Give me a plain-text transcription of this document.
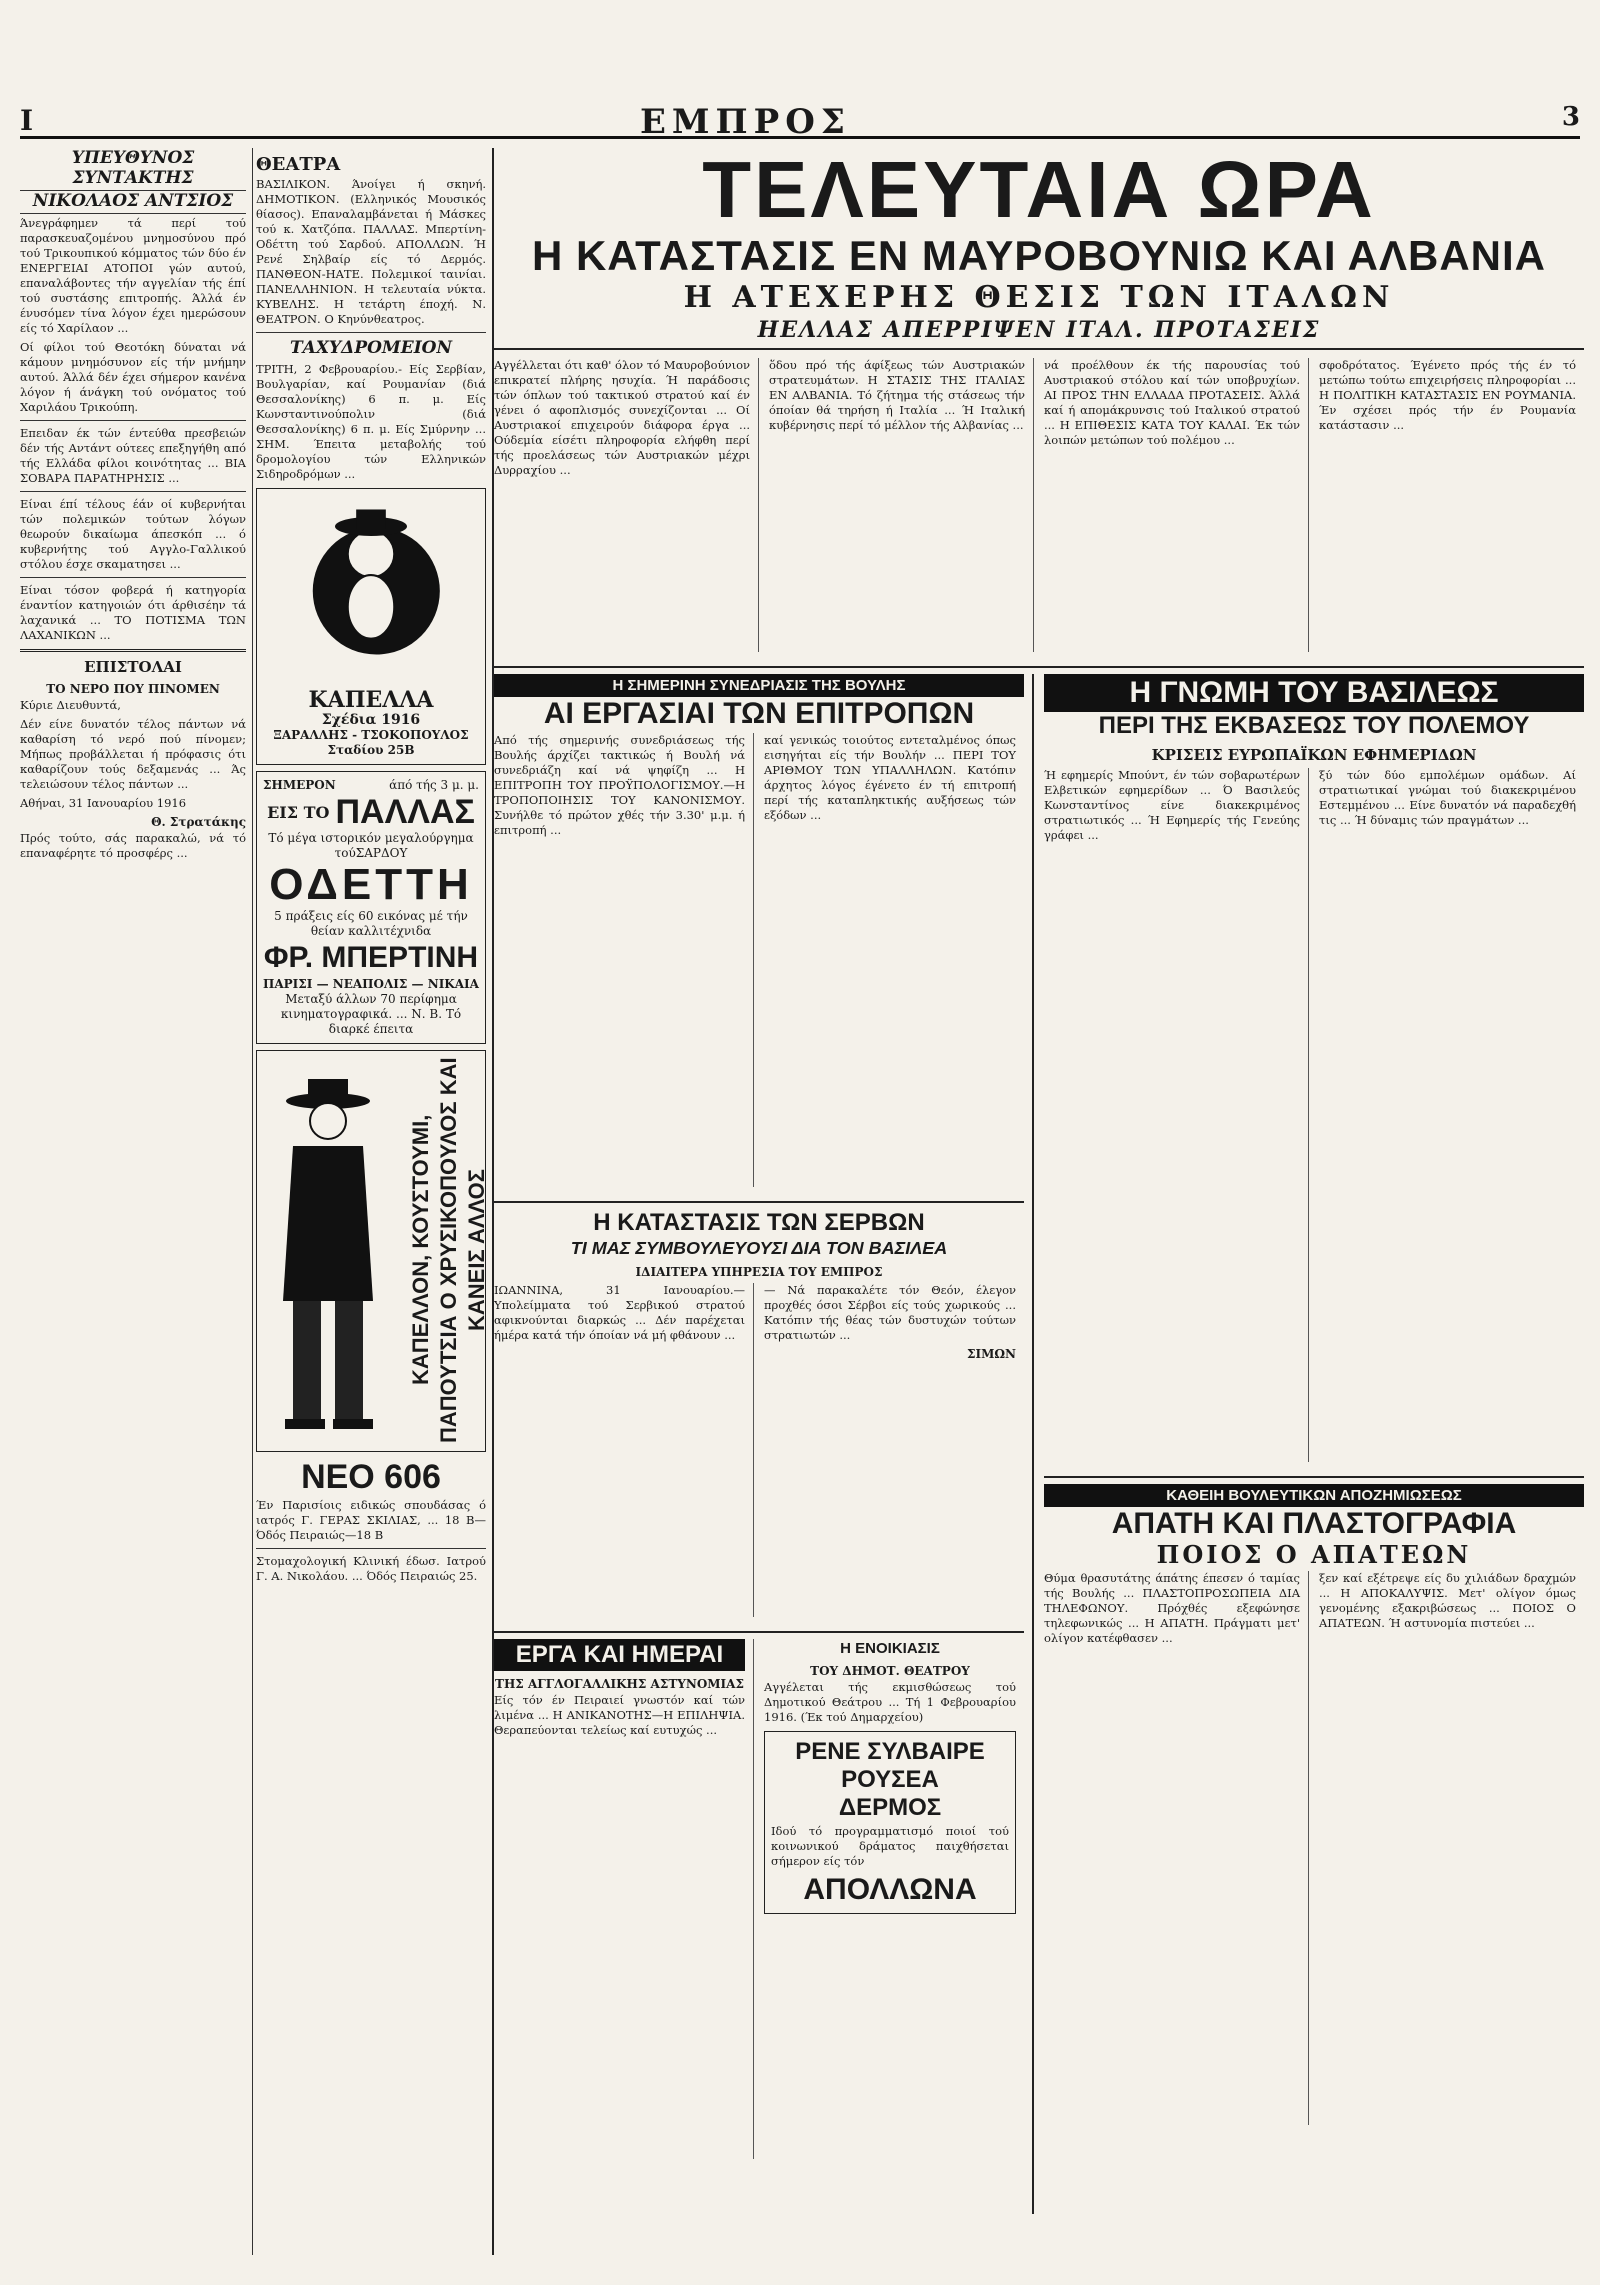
I	ΕΜΠΡΟΣ	3
ΥΠΕΥΘΥΝΟΣ ΣΥΝΤΑΚΤΗΣ
ΝΙΚΟΛΑΟΣ ΑΝΤΣΙΟΣ

Άνεγράφημεν τά περί τού παρασκευαζομένου μνημοσύνου πρό τού Τρικουπικού κόμματος τών δύο έν ΕΝΕΡΓΕΙΑΙ ΑΤΟΠΟΙ γών αυτού, επαναλάβοντες τήν αγγελίαν τής έπί τού συστάσης επιτροπής. Άλλά έν ένυσόμεν τίνα λόγον έχει ημερώσουν είς τό Χαρίλαον ...

Οί φίλοι τού Θεοτόκη δύναται νά κάμουν μνημόσυνον είς τήν μνήμην αυτού. Άλλά δέν έχει σήμερον κανένα λόγον ή άνάγκη τού ονόματος τού Χαριλάου Τρικούπη.

Επειδαν έκ τών έντεύθα πρεσβειών δέν τής Αντάντ ούτεες επεξηγήθη από τής Ελλάδα φίλοι κοινότητας ... ΒΙΑ ΣΟΒΑΡΑ ΠΑΡΑΤΗΡΗΣΙΣ ...

Είναι έπί τέλους έάν οί κυβερνήται τών πολεμικών τούτων λόγων θεωρούν δικαίωμα άπεσκόπ ... ό κυβερνήτης τού Αγγλο-Γαλλικού στόλου έσχε σκαματησει ...

Είναι τόσον φοβερά ή κατηγορία έναντίον κατηγοιών ότι άρθισέην τά λαχανικά ... ΤΟ ΠΟΤΙΣΜΑ ΤΩΝ ΛΑΧΑΝΙΚΩΝ ...

ΕΠΙΣΤΟΛΑΙ
ΤΟ ΝΕΡΟ ΠΟΥ ΠΙΝΟΜΕΝ

Κύριε Διευθυντά,

Δέν είνε δυνατόν τέλος πάντων νά καθαρίση τό νερό πού πίνομεν; Μήπως προβάλλεται ή πρόφασις ότι καθαρίζουν τούς δεξαμενάς ... Άς τελειώσουν τέλος πάντων ...

Αθήναι, 31 Ιανουαρίου 1916

Θ. Στρατάκης

Πρός τούτο, σάς παρακαλώ, νά τό επαναφέρητε τό προσφέρς ...

ΘΕΑΤΡΑ

ΒΑΣΙΛΙΚΟΝ. Άνοίγει ή σκηνή. ΔΗΜΟΤΙΚΟΝ. (Ελληνικός Μουσικός θίασος). Επαναλαμβάνεται ή Μάσκες τού κ. Χατζόπα. ΠΑΛΛΑΣ. Μπερτίνη-Οδέττη τού Σαρδού. ΑΠΟΛΛΩΝ. Ή Ρενέ Σηλβαίρ είς τό Δερμός. ΠΑΝΘΕΟΝ-ΗΑΤΕ. Πολεμικοί ταινίαι. ΠΑΝΕΛΛΗΝΙΟΝ. Η τελευταία νύκτα. ΚΥΒΕΛΗΣ. Η τετάρτη έποχή. Ν. ΘΕΑΤΡΟΝ. Ο Κηνύνθεατρος.

ΤΑΧΥΔΡΟΜΕΙΟΝ

ΤΡΙΤΗ, 2 Φεβρουαρίου.- Είς Σερβίαν, Βουλγαρίαν, καί Ρουμανίαν (διά Θεσσαλονίκης) 6 π. μ. Είς Κωνσταντινούπολιν (διά Θεσσαλονίκης) 6 π. μ. Είς Σμύρνην ... ΣΗΜ. Έπειτα μεταβολής τού δρομολογίου τών Ελληνικών Σιδηροδρόμων ...

ΚΑΠΕΛΛΑ
Σχέδια 1916
ΞΑΡΑΛΛΗΣ - ΤΣΟΚΟΠΟΥΛΟΣ
Σταδίου 25Β
ΣΗΜΕΡΟΝ	άπό τής 3 μ. μ.
ΕΙΣ ΤΟ ΠΑΛΛΑΣ
Τό μέγα ιστορικόν μεγαλούργημα τούΣΑΡΔΟΥ
ΟΔΕΤΤΗ
5 πράξεις είς 60 εικόνας μέ τήν θείαν καλλιτέχνιδα
ΦΡ. ΜΠΕΡΤΙΝΗ
ΠΑΡΙΣΙ — ΝΕΑΠΟΛΙΣ — ΝΙΚΑΙΑ
Μεταξύ άλλων 70 περίφημα κινηματογραφικά. ... Ν. Β. Τό διαρκέ έπειτα
ΚΑΠΕΛΛΟΝ, ΚΟΥΣΤΟΥΜΙ, ΠΑΠΟΥΤΣΙΑ Ο ΧΡΥΣΙΚΟΠΟΥΛΟΣ ΚΑΙ ΚΑΝΕΙΣ ΑΛΛΟΣ
ΝΕΟ 606

Έν Παρισίοις ειδικώς σπουδάσας ό ιατρός Γ. ΓΕΡΑΣ ΣΚΙΛΙΑΣ, ... 18 Β—Όδός Πειραιώς—18 Β

Στομαχολογική Κλινική έδωσ. Ιατρού Γ. Α. Νικολάου. ... Όδός Πειραιώς 25.

ΤΕΛΕΥΤΑΙΑ ΩΡΑ
Η ΚΑΤΑΣΤΑΣΙΣ ΕΝ ΜΑΥΡΟΒΟΥΝΙΩ ΚΑΙ ΑΛΒΑΝΙΑ
Η ΑΤΕΧΕΡΗΣ ΘΕΣΙΣ ΤΩΝ ΙΤΑΛΩΝ
ΗΕΛΛΑΣ ΑΠΕΡΡΙΨΕΝ ΙΤΑΛ. ΠΡΟΤΑΣΕΙΣ

Αγγέλλεται ότι καθ' όλον τό Μαυροβούνιον επικρατεί πλήρης ησυχία. Ή παράδοσις τών όπλων τού τακτικού στρατού καί έν γένει ό αφοπλισμός συνεχίζονται ... Οί Αυστριακοί επιχειρούν διάφορα έργα ... Ούδεμία είσέτι πληροφορία ελήφθη περί τής προελάσεως τών Αυστριακών μέχρι Δυρραχίου ...

ὅδου πρό τής άφίξεως τών Αυστριακών στρατευμάτων. Η ΣΤΑΣΙΣ ΤΗΣ ΙΤΑΛΙΑΣ ΕΝ ΑΛΒΑΝΙΑ. Τό ζήτημα τής στάσεως τήν όποίαν θά τηρήση ή Ιταλία ... Ή Ιταλική κυβέρνησις περί τό μέλλον τής Αλβανίας ...

νά προέλθουν έκ τής παρουσίας τού Αυστριακού στόλου καί τών υποβρυχίων. ΑΙ ΠΡΟΣ ΤΗΝ ΕΛΛΑΔΑ ΠΡΟΤΑΣΕΙΣ. Άλλά καί ή απομάκρυνσις τού Ιταλικού στρατού ... Η ΕΠΙΘΕΣΙΣ ΚΑΤΑ ΤΟΥ ΚΑΛΑΙ. Έκ τών λοιπών μετώπων τού πολέμου ...

σφοδρότατος. Έγένετο πρός τής έν τό μετώπω τούτω επιχειρήσεις πληροφορίαι ... Η ΠΟΛΙΤΙΚΗ ΚΑΤΑΣΤΑΣΙΣ ΕΝ ΡΟΥΜΑΝΙΑ. Έν σχέσει πρός τήν έν Ρουμανία κατάστασιν ...

Η ΣΗΜΕΡΙΝΗ ΣΥΝΕΔΡΙΑΣΙΣ ΤΗΣ ΒΟΥΛΗΣ
ΑΙ ΕΡΓΑΣΙΑΙ ΤΩΝ ΕΠΙΤΡΟΠΩΝ

Από τής σημερινής συνεδριάσεως τής Βουλής άρχίζει τακτικώς ή Βουλή νά συνεδριάζη καί νά ψηφίζη ... Η ΕΠΙΤΡΟΠΗ ΤΟΥ ΠΡΟΫΠΟΛΟΓΙΣΜΟΥ.—Η ΤΡΟΠΟΠΟΙΗΣΙΣ ΤΟΥ ΚΑΝΟΝΙΣΜΟΥ. Συνήλθε τό πρώτον χθές τήν 3.30' μ.μ. ή επιτροπή ...

καί γενικώς τοιούτος εντεταλμένος όπως εισηγήται είς τήν Βουλήν ... ΠΕΡΙ ΤΟΥ ΑΡΙΘΜΟΥ ΤΩΝ ΥΠΑΛΛΗΛΩΝ. Κατόπιν άρχητος λόγος έγένετο έν τή επιτροπή περί τής καταπληκτικής αυξήσεως τών εξόδων ...

Η ΚΑΤΑΣΤΑΣΙΣ ΤΩΝ ΣΕΡΒΩΝ
ΤΙ ΜΑΣ ΣΥΜΒΟΥΛΕΥΟΥΣΙ ΔΙΑ ΤΟΝ ΒΑΣΙΛΕΑ
ΙΔΙΑΙΤΕΡΑ ΥΠΗΡΕΣΙΑ ΤΟΥ ΕΜΠΡΟΣ

ΙΩΑΝΝΙΝΑ, 31 Ιανουαρίου.— Υπολείμματα τού Σερβικού στρατού αφικνούνται διαρκώς ... Δέν παρέχεται ήμέρα κατά τήν όποίαν νά μή φθάνουν ...

— Νά παρακαλέτε τόν Θεόν, έλεγον προχθές όσοι Σέρβοι είς τούς χωρικούς ... Κατόπιν τής θέας τών δυστυχών τούτων στρατιωτών ...

ΣΙΜΩΝ
ΕΡΓΑ ΚΑΙ ΗΜΕΡΑΙ
ΤΗΣ ΑΓΓΛΟΓΑΛΛΙΚΗΣ ΑΣΤΥΝΟΜΙΑΣ

Είς τόν έν Πειραιεί γνωστόν καί τών λιμένα ... Η ΑΝΙΚΑΝΟΤΗΣ—Η ΕΠΙΛΗΨΙΑ. Θεραπεύονται τελείως καί ευτυχώς ...

Η ΕΝΟΙΚΙΑΣΙΣ
ΤΟΥ ΔΗΜΟΤ. ΘΕΑΤΡΟΥ

Αγγέλεται τής εκμισθώσεως τού Δημοτικού Θεάτρου ... Τή 1 Φεβρουαρίου 1916. (Έκ τού Δημαρχείου)

ΡΕΝΕ ΣΥΛΒΑΙΡΕ
ΡΟΥΣΕΑ
ΔΕΡΜΟΣ

Ιδού τό προγραμματισμό ποιοί τού κοινωνικού δράματος παιχθήσεται σήμερον είς τόν

ΑΠΟΛΛΩΝΑ
Η ΓΝΩΜΗ ΤΟΥ ΒΑΣΙΛΕΩΣ
ΠΕΡΙ ΤΗΣ ΕΚΒΑΣΕΩΣ ΤΟΥ ΠΟΛΕΜΟΥ
ΚΡΙΣΕΙΣ ΕΥΡΩΠΑΪΚΩΝ ΕΦΗΜΕΡΙΔΩΝ

Ή εφημερίς Μπούντ, έν τών σοβαρωτέρων Ελβετικών εφημερίδων ... Ό Βασιλεύς Κωνσταντίνος είνε διακεκριμένος στρατιωτικός ... Ή Εφημερίς τής Γενεύης γράφει ...

ξύ τών δύο εμπολέμων ομάδων. Αί στρατιωτικαί γνώμαι τού διακεκριμένου Εστεμμένου ... Είνε δυνατόν νά παραδεχθή τις ... Ή δύναμις τών πραγμάτων ...

ΚΑΘΕΙΗ ΒΟΥΛΕΥΤΙΚΩΝ ΑΠΟΖΗΜΙΩΣΕΩΣ
ΑΠΑΤΗ ΚΑΙ ΠΛΑΣΤΟΓΡΑΦΙΑ
ΠΟΙΟΣ Ο ΑΠΑΤΕΩΝ

Θύμα θρασυτάτης άπάτης έπεσεν ό ταμίας τής Βουλής ... ΠΛΑΣΤΟΠΡΟΣΩΠΕΙΑ ΔΙΑ ΤΗΛΕΦΩΝΟΥ. Πρόχθές εξεφώνησε τηλεφωνικώς ... Η ΑΠΑΤΗ. Πράγματι μετ' ολίγον κατέφθασεν ...

ξεν καί εξέτρεψε είς δυ χιλιάδων δραχμών ... Η ΑΠΟΚΑΛΥΨΙΣ. Μετ' ολίγον όμως γενομένης εξακριβώσεως ... ΠΟΙΟΣ Ο ΑΠΑΤΕΩΝ. Ή αστυνομία πιστεύει ...
